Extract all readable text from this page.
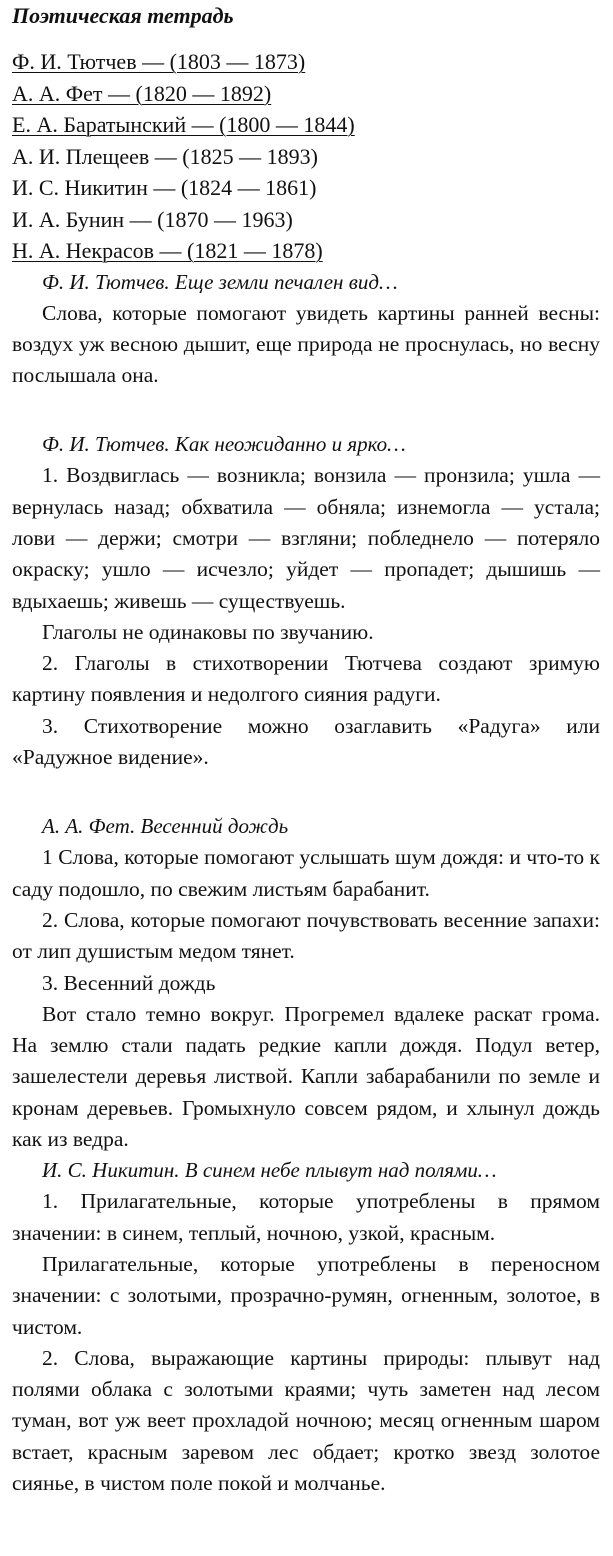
Поэтическая тетрадь
Ф. И. Тютчев — (1803 — 1873)
А. А. Фет — (1820 — 1892)
Е. А. Баратынский — (1800 — 1844)
А. И. Плещеев — (1825 — 1893)
И. С. Никитин — (1824 — 1861)
И. А. Бунин — (1870 — 1963)
Н. А. Некрасов — (1821 — 1878)
Ф. И. Тютчев. Еще земли печален вид…

Слова, которые помогают увидеть картины ранней весны: воздух уж весною дышит, еще природа не проснулась, но весну послышала она.

Ф. И. Тютчев. Как неожиданно и ярко…

1. Воздвиглась — возникла; вонзила — пронзила; ушла — вернулась назад; обхватила — обняла; изнемогла — устала; лови — держи; смотри — взгляни; побледнело — потеряло окраску; ушло — исчезло; уйдет — пропадет; дышишь — вдыхаешь; живешь — существуешь.

Глаголы не одинаковы по звучанию.

2. Глаголы в стихотворении Тютчева создают зримую картину появления и недолгого сияния радуги.

3. Стихотворение можно озаглавить «Радуга» или «Радужное видение».

А. А. Фет. Весенний дождь

1 Слова, которые помогают услышать шум дождя: и что-то к саду подошло, по свежим листьям барабанит.

2. Слова, которые помогают почувствовать весенние запахи: от лип душистым медом тянет.

3. Весенний дождь

Вот стало темно вокруг. Прогремел вдалеке раскат грома. На землю стали падать редкие капли дождя. Подул ветер, зашелестели деревья листвой. Капли забарабанили по земле и кронам деревьев. Громыхнуло совсем рядом, и хлынул дождь как из ведра.

И. С. Никитин. В синем небе плывут над полями…

1. Прилагательные, которые употреблены в прямом значении: в синем, теплый, ночною, узкой, красным.

Прилагательные, которые употреблены в переносном значении: с золотыми, прозрачно-румян, огненным, золотое, в чистом.

2. Слова, выражающие картины природы: плывут над полями облака с золотыми краями; чуть заметен над лесом туман, вот уж веет прохладой ночною; месяц огненным шаром встает, красным заревом лес обдает; кротко звезд золотое сиянье, в чистом поле покой и молчанье.
